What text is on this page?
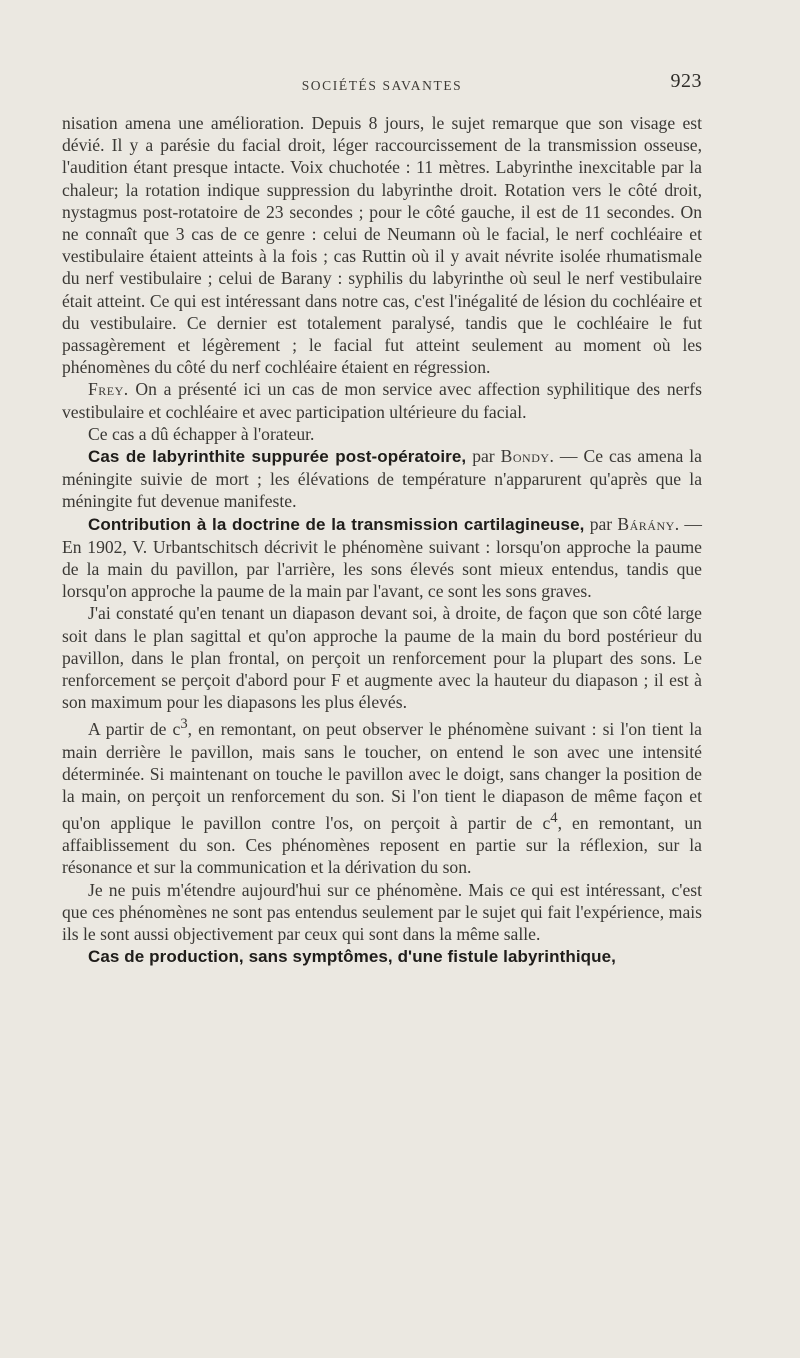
SOCIÉTÉS SAVANTES	923

nisation amena une amélioration. Depuis 8 jours, le sujet remarque que son visage est dévié. Il y a parésie du facial droit, léger raccourcissement de la transmission osseuse, l'audition étant presque intacte. Voix chuchotée : 11 mètres. Labyrinthe inexcitable par la chaleur; la rotation indique suppression du labyrinthe droit. Rotation vers le côté droit, nystagmus post-rotatoire de 23 secondes ; pour le côté gauche, il est de 11 secondes. On ne connaît que 3 cas de ce genre : celui de Neumann où le facial, le nerf cochléaire et vestibulaire étaient atteints à la fois ; cas Ruttin où il y avait névrite isolée rhumatismale du nerf vestibulaire ; celui de Barany : syphilis du labyrinthe où seul le nerf vestibulaire était atteint. Ce qui est intéressant dans notre cas, c'est l'inégalité de lésion du cochléaire et du vestibulaire. Ce dernier est totalement paralysé, tandis que le cochléaire le fut passagèrement et légèrement ; le facial fut atteint seulement au moment où les phénomènes du côté du nerf cochléaire étaient en régression.

Frey. On a présenté ici un cas de mon service avec affection syphilitique des nerfs vestibulaire et cochléaire et avec participation ultérieure du facial.

Ce cas a dû échapper à l'orateur.

Cas de labyrinthite suppurée post-opératoire, par Bondy. — Ce cas amena la méningite suivie de mort ; les élévations de température n'apparurent qu'après que la méningite fut devenue manifeste.

Contribution à la doctrine de la transmission cartilagineuse, par Bárány. — En 1902, V. Urbantschitsch décrivit le phénomène suivant : lorsqu'on approche la paume de la main du pavillon, par l'arrière, les sons élevés sont mieux entendus, tandis que lorsqu'on approche la paume de la main par l'avant, ce sont les sons graves.

J'ai constaté qu'en tenant un diapason devant soi, à droite, de façon que son côté large soit dans le plan sagittal et qu'on approche la paume de la main du bord postérieur du pavillon, dans le plan frontal, on perçoit un renforcement pour la plupart des sons. Le renforcement se perçoit d'abord pour F et augmente avec la hauteur du diapason ; il est à son maximum pour les diapasons les plus élevés.

A partir de $c^3$, en remontant, on peut observer le phénomène suivant : si l'on tient la main derrière le pavillon, mais sans le toucher, on entend le son avec une intensité déterminée. Si maintenant on touche le pavillon avec le doigt, sans changer la position de la main, on perçoit un renforcement du son. Si l'on tient le diapason de même façon et qu'on applique le pavillon contre l'os, on perçoit à partir de $c^4$, en remontant, un affaiblissement du son. Ces phénomènes reposent en partie sur la réflexion, sur la résonance et sur la communication et la dérivation du son.

Je ne puis m'étendre aujourd'hui sur ce phénomène. Mais ce qui est intéressant, c'est que ces phénomènes ne sont pas entendus seulement par le sujet qui fait l'expérience, mais ils le sont aussi objectivement par ceux qui sont dans la même salle.

Cas de production, sans symptômes, d'une fistule labyrinthique,
